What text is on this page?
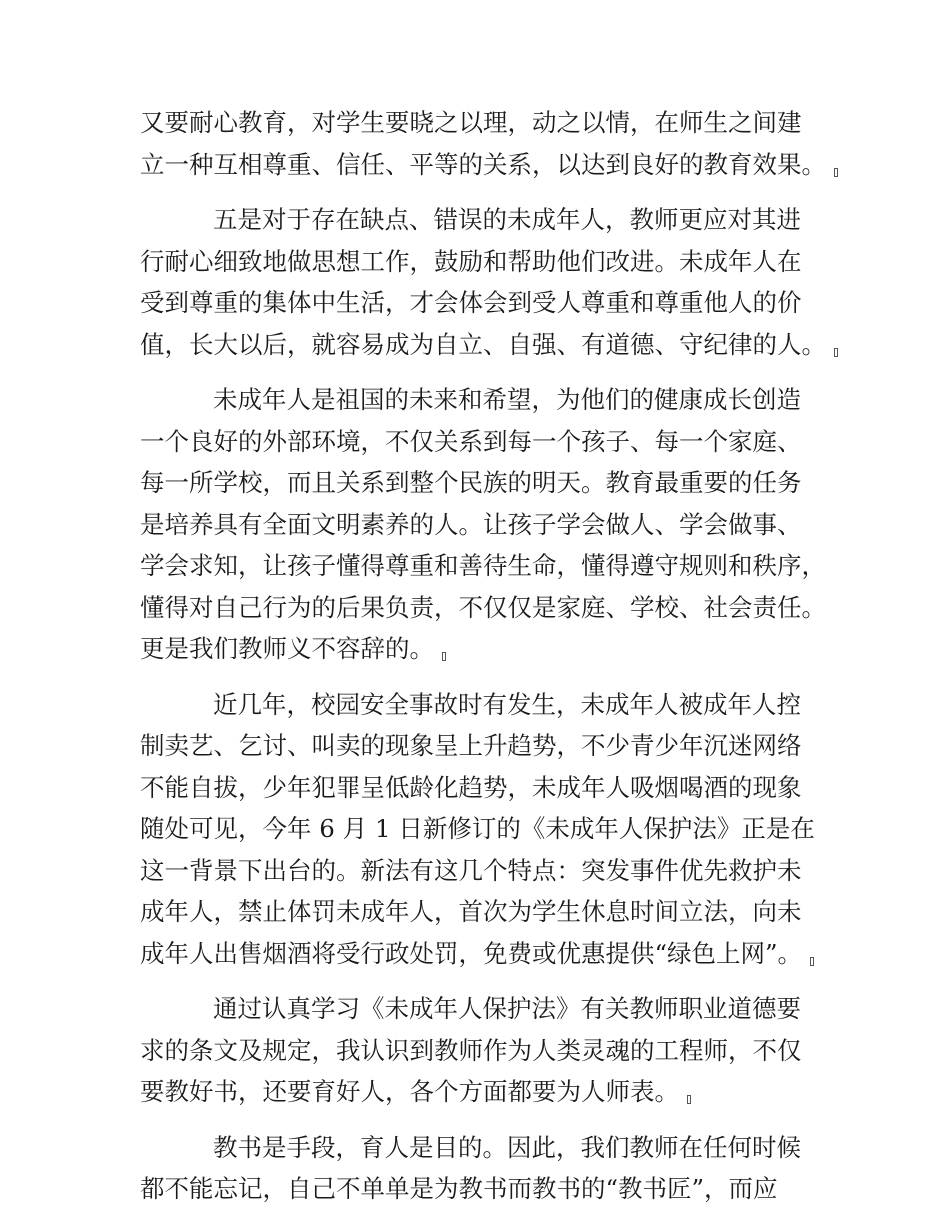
又要耐心教育，对学生要晓之以理，动之以情，在师生之间建
立一种互相尊重、信任、平等的关系，以达到良好的教育效果。

五是对于存在缺点、错误的未成年人，教师更应对其进
行耐心细致地做思想工作，鼓励和帮助他们改进。未成年人在
受到尊重的集体中生活，才会体会到受人尊重和尊重他人的价
值，长大以后，就容易成为自立、自强、有道德、守纪律的人。

未成年人是祖国的未来和希望，为他们的健康成长创造
一个良好的外部环境，不仅关系到每一个孩子、每一个家庭、
每一所学校，而且关系到整个民族的明天。教育最重要的任务
是培养具有全面文明素养的人。让孩子学会做人、学会做事、
学会求知，让孩子懂得尊重和善待生命，懂得遵守规则和秩序，
懂得对自己行为的后果负责，不仅仅是家庭、学校、社会责任。
更是我们教师义不容辞的。

近几年，校园安全事故时有发生，未成年人被成年人控
制卖艺、乞讨、叫卖的现象呈上升趋势，不少青少年沉迷网络
不能自拔，少年犯罪呈低龄化趋势，未成年人吸烟喝酒的现象
随处可见，今年 6 月 1 日新修订的《未成年人保护法》正是在
这一背景下出台的。新法有这几个特点：突发事件优先救护未
成年人，禁止体罚未成年人，首次为学生休息时间立法，向未
成年人出售烟酒将受行政处罚，免费或优惠提供“绿色上网”。

通过认真学习《未成年人保护法》有关教师职业道德要
求的条文及规定，我认识到教师作为人类灵魂的工程师，不仅
要教好书，还要育好人，各个方面都要为人师表。

教书是手段，育人是目的。因此，我们教师在任何时候
都不能忘记，自己不单单是为教书而教书的“教书匠”，而应
